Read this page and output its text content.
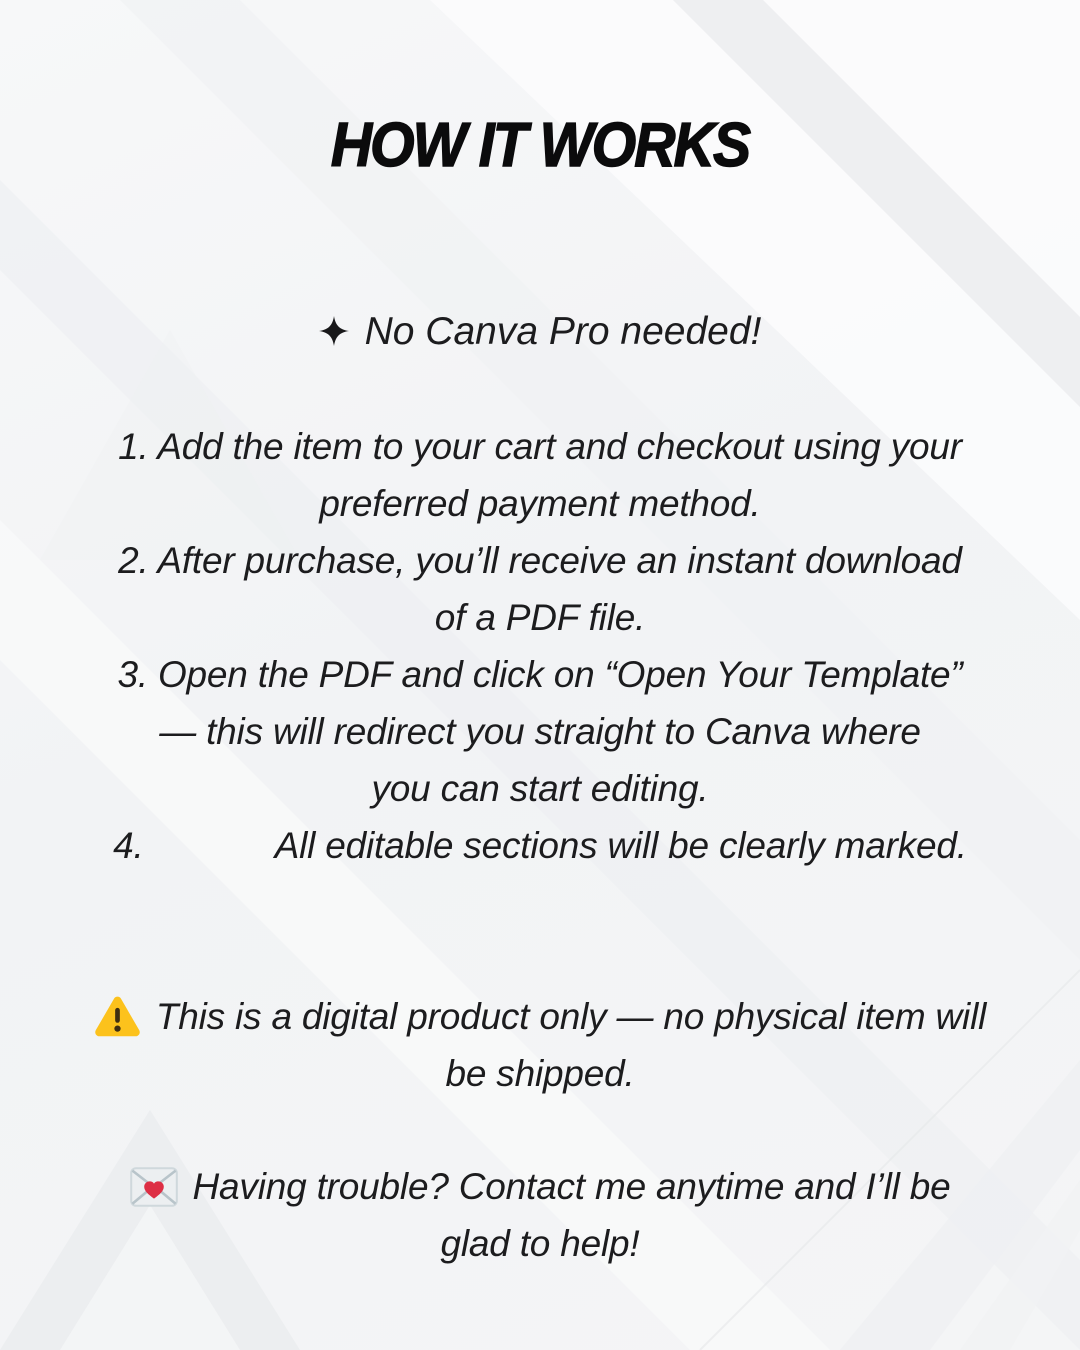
HOW IT WORKS
No Canva Pro needed!
1. Add the item to your cart and checkout using your
preferred payment method.
2. After purchase, you’ll receive an instant download
of a PDF file.
3. Open the PDF and click on “Open Your Template”
— this will redirect you straight to Canva where
you can start editing.
4.             All editable sections will be clearly marked.
This is a digital product only — no physical item will
be shipped.
Having trouble? Contact me anytime and I’ll be
glad to help!
